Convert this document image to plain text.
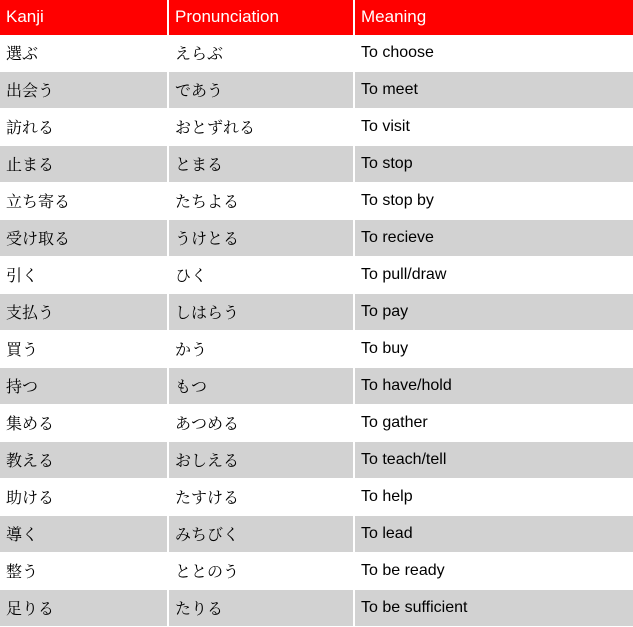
Kanji	Pronunciation	Meaning
選ぶ	えらぶ	To choose
出会う	であう	To meet
訪れる	おとずれる	To visit
止まる	とまる	To stop
立ち寄る	たちよる	To stop by
受け取る	うけとる	To recieve
引く	ひく	To pull/draw
支払う	しはらう	To pay
買う	かう	To buy
持つ	もつ	To have/hold
集める	あつめる	To gather
教える	おしえる	To teach/tell
助ける	たすける	To help
導く	みちびく	To lead
整う	ととのう	To be ready
足りる	たりる	To be sufficient
